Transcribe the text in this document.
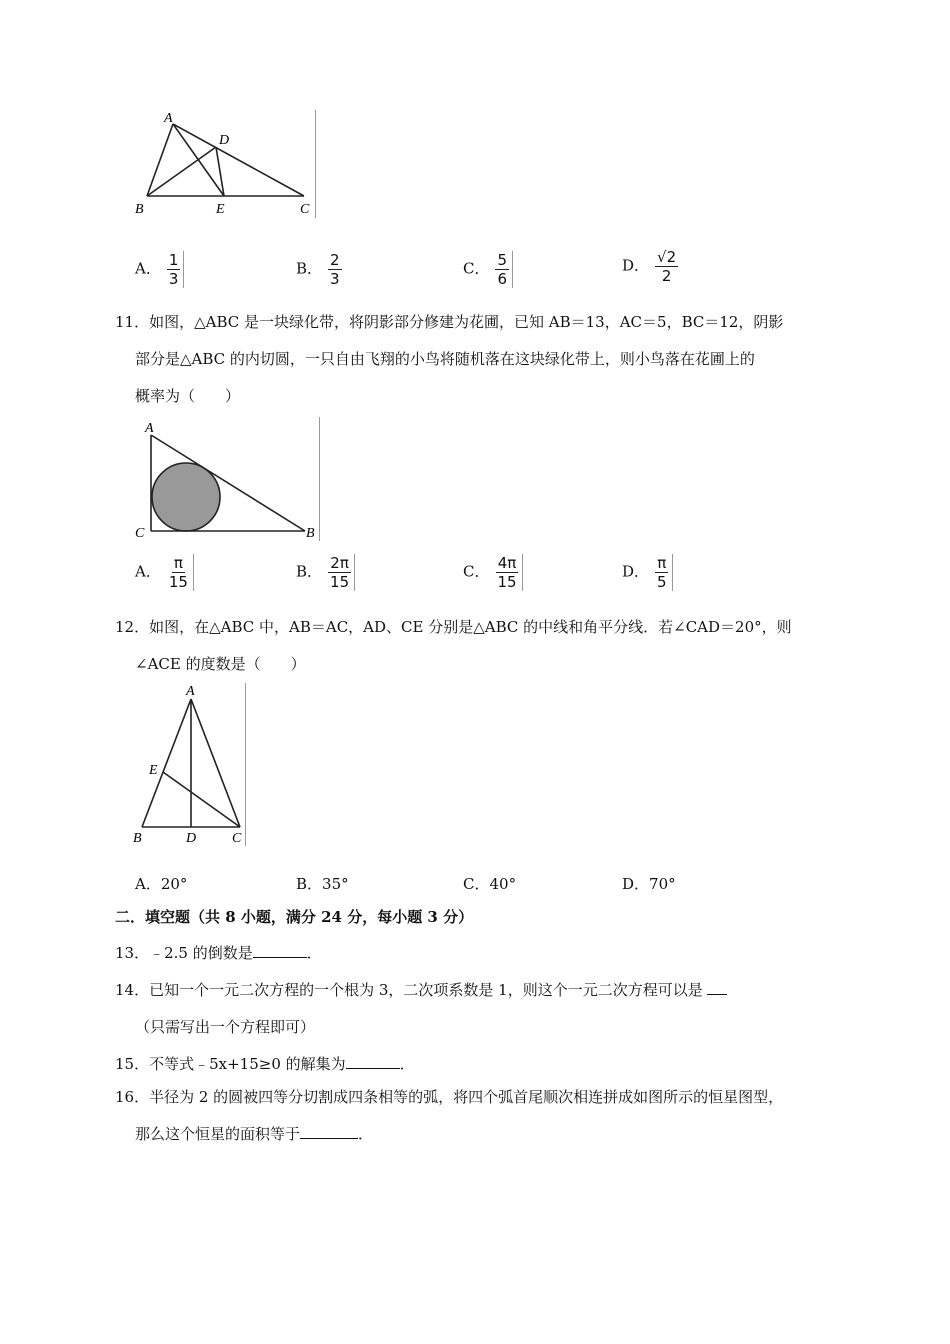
A
D
B	E	C
A． $\frac{1}{3}$	B． $\frac{2}{3}$	C． $\frac{5}{6}$	D． $\frac{√2}{2}$
11．如图，△ABC 是一块绿化带，将阴影部分修建为花圃，已知 AB＝13，AC＝5，BC＝12，阴影
部分是△ABC 的内切圆，一只自由飞翔的小鸟将随机落在这块绿化带上，则小鸟落在花圃上的
概率为（　　）
A
C	B
A． $\frac{\pi}{15}$	B． $\frac{2\pi}{15}$	C． $\frac{4\pi}{15}$	D． $\frac{\pi}{5}$
12．如图，在△ABC 中，AB＝AC，AD、CE 分别是△ABC 的中线和角平分线．若∠CAD＝20°，则
∠ACE 的度数是（　　）
A
E
B	D	C
A．20°	B．35°	C．40°	D．70°
二．填空题（共 8 小题，满分 24 分，每小题 3 分）
13．﹣2.5 的倒数是	．
14．已知一个一元二次方程的一个根为 3，二次项系数是 1，则这个一元二次方程可以是
（只需写出一个方程即可）
15．不等式﹣5x+15≥0 的解集为	．
16．半径为 2 的圆被四等分切割成四条相等的弧，将四个弧首尾顺次相连拼成如图所示的恒星图型，
那么这个恒星的面积等于	．
